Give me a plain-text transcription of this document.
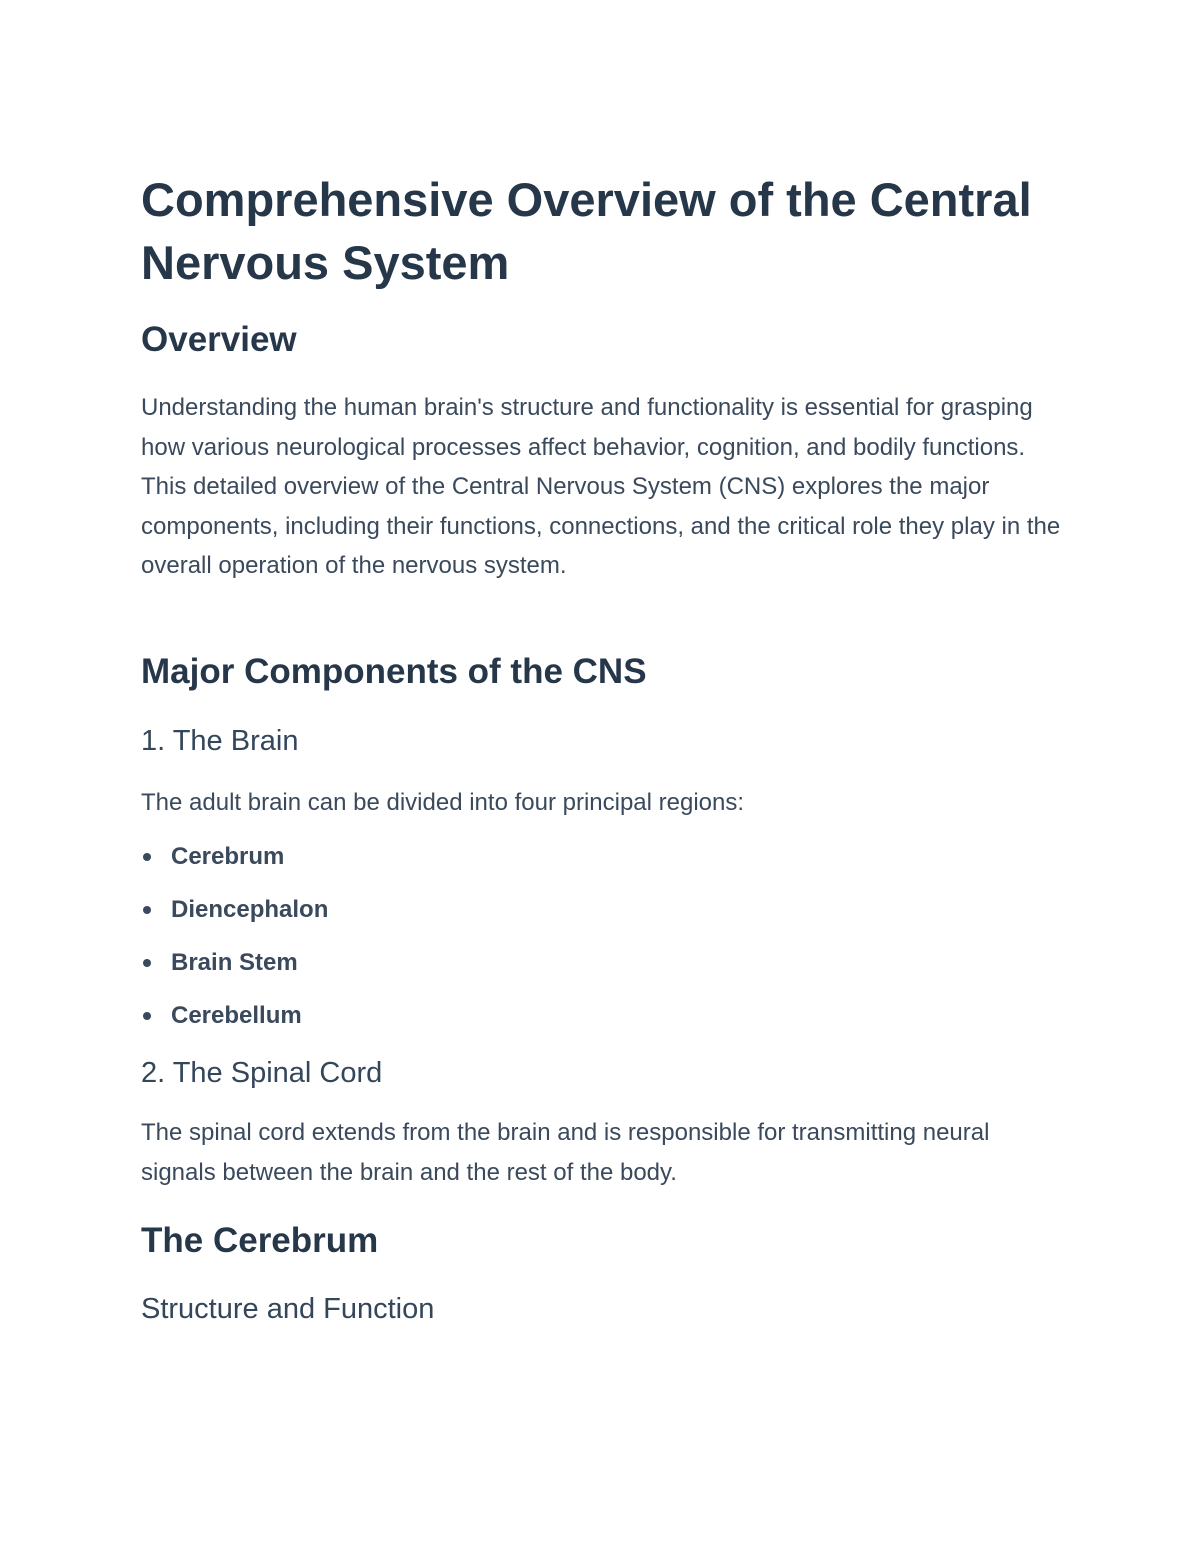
Comprehensive Overview of the Central Nervous System
Overview

Understanding the human brain's structure and functionality is essential for grasping how various neurological processes affect behavior, cognition, and bodily functions. This detailed overview of the Central Nervous System (CNS) explores the major components, including their functions, connections, and the critical role they play in the overall operation of the nervous system.

Major Components of the CNS
1. The Brain

The adult brain can be divided into four principal regions:

Cerebrum
Diencephalon
Brain Stem
Cerebellum
2. The Spinal Cord

The spinal cord extends from the brain and is responsible for transmitting neural signals between the brain and the rest of the body.

The Cerebrum
Structure and Function
